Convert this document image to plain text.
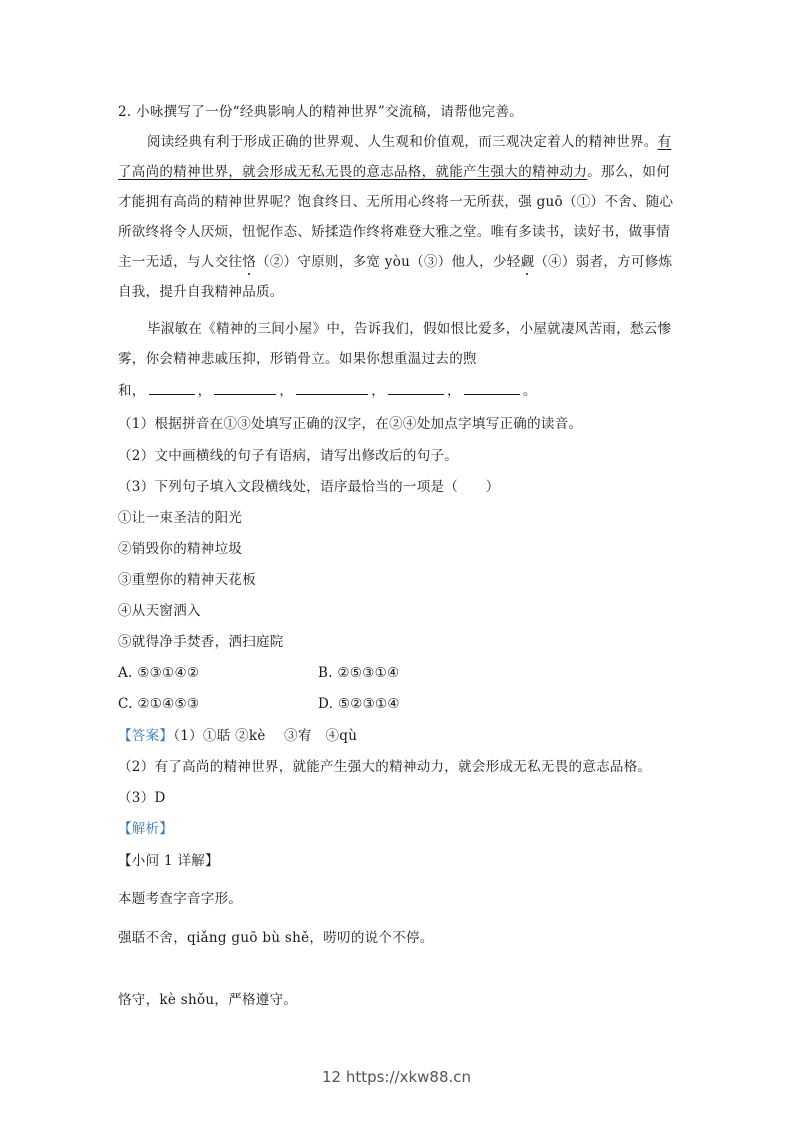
2. 小咏撰写了一份“经典影响人的精神世界”交流稿，请帮他完善。
阅读经典有利于形成正确的世界观、人生观和价值观，而三观决定着人的精神世界。有
了高尚的精神世界，就会形成无私无畏的意志品格，就能产生强大的精神动力。那么，如何
才能拥有高尚的精神世界呢？饱食终日、无所用心终将一无所获，强 guō（①）不舍、随心
所欲终将令人厌烦，忸怩作态、矫揉造作终将难登大雅之堂。唯有多读书，读好书，做事情
主一无适，与人交往恪（②）守原则，多宽 yòu（③）他人，少轻觑（④）弱者，方可修炼
自我，提升自我精神品质。
毕淑敏在《精神的三间小屋》中，告诉我们，假如恨比爱多，小屋就凄风苦雨，愁云惨
雾，你会精神悲戚压抑，形销骨立。如果你想重温过去的煦
和，	，	，	，	，	。
（1）根据拼音在①③处填写正确的汉字，在②④处加点字填写正确的读音。
（2）文中画横线的句子有语病，请写出修改后的句子。
（3）下列句子填入文段横线处，语序最恰当的一项是（　　）
①让一束圣洁的阳光
②销毁你的精神垃圾
③重塑你的精神天花板
④从天窗洒入
⑤就得净手焚香，洒扫庭院
A. ⑤③①④②	B. ②⑤③①④
C. ②①④⑤③	D. ⑤②③①④
【答案】（1）①聒 ②kè　 ③宥　④qù
（2）有了高尚的精神世界，就能产生强大的精神动力，就会形成无私无畏的意志品格。
（3）D
【解析】
【小问 1 详解】
本题考查字音字形。
强聒不舍，qiǎng guō bù shě，唠叨的说个不停。
恪守，kè shǒu，严格遵守。
12 https://xkw88.cn
